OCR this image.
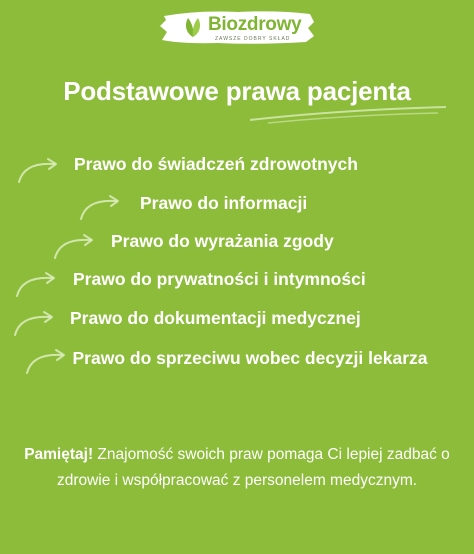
Biozdrowy
ZAWSZE DOBRY SKŁAD
Podstawowe prawa pacjenta
Prawo do świadczeń zdrowotnych
Prawo do informacji
Prawo do wyrażania zgody
Prawo do prywatności i intymności
Prawo do dokumentacji medycznej
Prawo do sprzeciwu wobec decyzji lekarza
Pamiętaj! Znajomość swoich praw pomaga Ci lepiej zadbać o zdrowie i współpracować z personelem medycznym.
